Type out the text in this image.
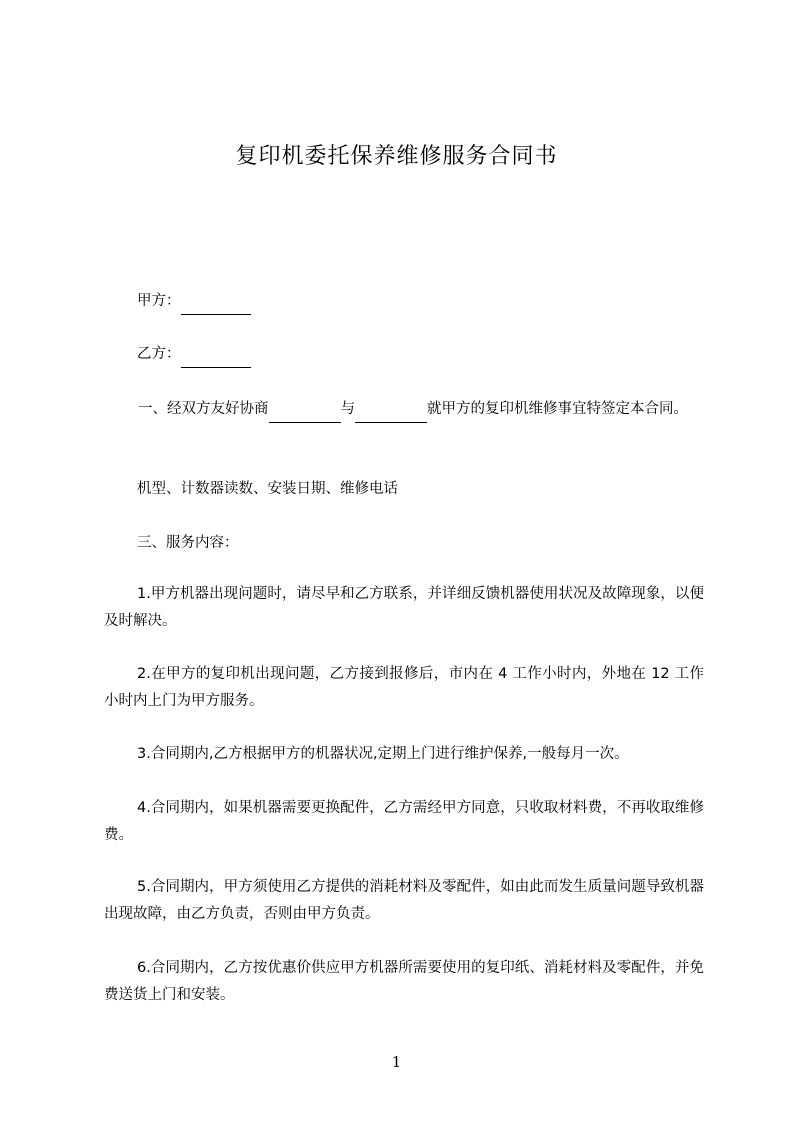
复印机委托保养维修服务合同书
甲方：
乙方：
一、经双方友好协商	与	就甲方的复印机维修事宜特签定本合同。
机型、计数器读数、安装日期、维修电话
三、服务内容：
1.甲方机器出现问题时，请尽早和乙方联系，并详细反馈机器使用状况及故障现象，以便及时解决。
2.在甲方的复印机出现问题，乙方接到报修后，市内在 4 工作小时内，外地在 12 工作小时内上门为甲方服务。
3.合同期内,乙方根据甲方的机器状况,定期上门进行维护保养,一般每月一次。
4.合同期内，如果机器需要更换配件，乙方需经甲方同意，只收取材料费，不再收取维修费。
5.合同期内，甲方须使用乙方提供的消耗材料及零配件，如由此而发生质量问题导致机器出现故障，由乙方负责，否则由甲方负责。
6.合同期内，乙方按优惠价供应甲方机器所需要使用的复印纸、消耗材料及零配件，并免费送货上门和安装。
1
